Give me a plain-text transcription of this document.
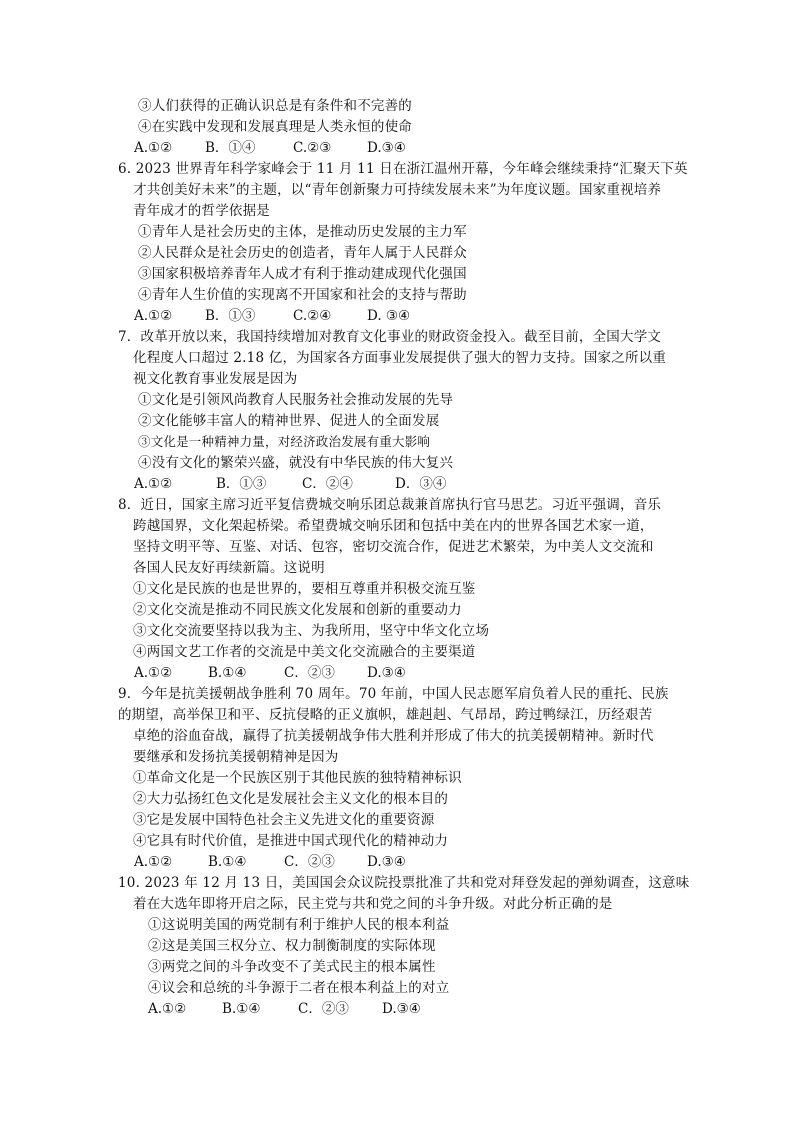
③人们获得的正确认识总是有条件和不完善的
④在实践中发现和发展真理是人类永恒的使命
A.①② B．①④	C.②③	D.③④
6. 2023 世界青年科学家峰会于 11 月 11 日在浙江温州开幕，今年峰会继续秉持“汇聚天下英
才共创美好未来”的主题，以“青年创新聚力可持续发展未来”为年度议题。国家重视培养
青年成才的哲学依据是
①青年人是社会历史的主体，是推动历史发展的主力军
②人民群众是社会历史的创造者，青年人属于人民群众
③国家积极培养青年人成才有利于推动建成现代化强国
④青年人生价值的实现离不开国家和社会的支持与帮助
A.①② B．①③	C.②④	D. ③④
7．改革开放以来，我国持续增加对教育文化事业的财政资金投入。截至目前，全国大学文
化程度人口超过 2.18 亿，为国家各方面事业发展提供了强大的智力支持。国家之所以重
视文化教育事业发展是因为
①文化是引领风尚教育人民服务社会推动发展的先导
②文化能够丰富人的精神世界、促进人的全面发展
③文化是一种精神力量，对经济政治发展有重大影响
④没有文化的繁荣兴盛，就没有中华民族的伟大复兴
A.①②	B．①③	C．②④	D．③④
8．近日，国家主席习近平复信费城交响乐团总裁兼首席执行官马思艺。习近平强调，音乐
跨越国界，文化架起桥梁。希望费城交响乐团和包括中美在内的世界各国艺术家一道，
坚持文明平等、互鉴、对话、包容，密切交流合作，促进艺术繁荣，为中美人文交流和
各国人民友好再续新篇。这说明
①文化是民族的也是世界的，要相互尊重并积极交流互鉴
②文化交流是推动不同民族文化发展和创新的重要动力
③文化交流要坚持以我为主、为我所用，坚守中华文化立场
④两国文艺工作者的交流是中美文化交流融合的主要渠道
A.①②	B.①④	C．②③ D.③④
9．今年是抗美援朝战争胜利 70 周年。70 年前，中国人民志愿军肩负着人民的重托、民族
的期望，高举保卫和平、反抗侵略的正义旗帜，雄赳赳、气昂昂，跨过鸭绿江，历经艰苦
卓绝的浴血奋战，赢得了抗美援朝战争伟大胜利并形成了伟大的抗美援朝精神。新时代
要继承和发扬抗美援朝精神是因为
①革命文化是一个民族区别于其他民族的独特精神标识
②大力弘扬红色文化是发展社会主义文化的根本目的
③它是发展中国特色社会主义先进文化的重要资源
④它具有时代价值，是推进中国式现代化的精神动力
A.①②	B.①④	C．②③ D.③④
10. 2023 年 12 月 13 日，美国国会众议院投票批准了共和党对拜登发起的弹劾调查，这意味
着在大选年即将开启之际，民主党与共和党之间的斗争升级。对此分析正确的是
①这说明美国的两党制有利于维护人民的根本利益
②这是美国三权分立、权力制衡制度的实际体现
③两党之间的斗争改变不了美式民主的根本属性
④议会和总统的斗争源于二者在根本利益上的对立
A.①②	B.①④	C．②③ D.③④
